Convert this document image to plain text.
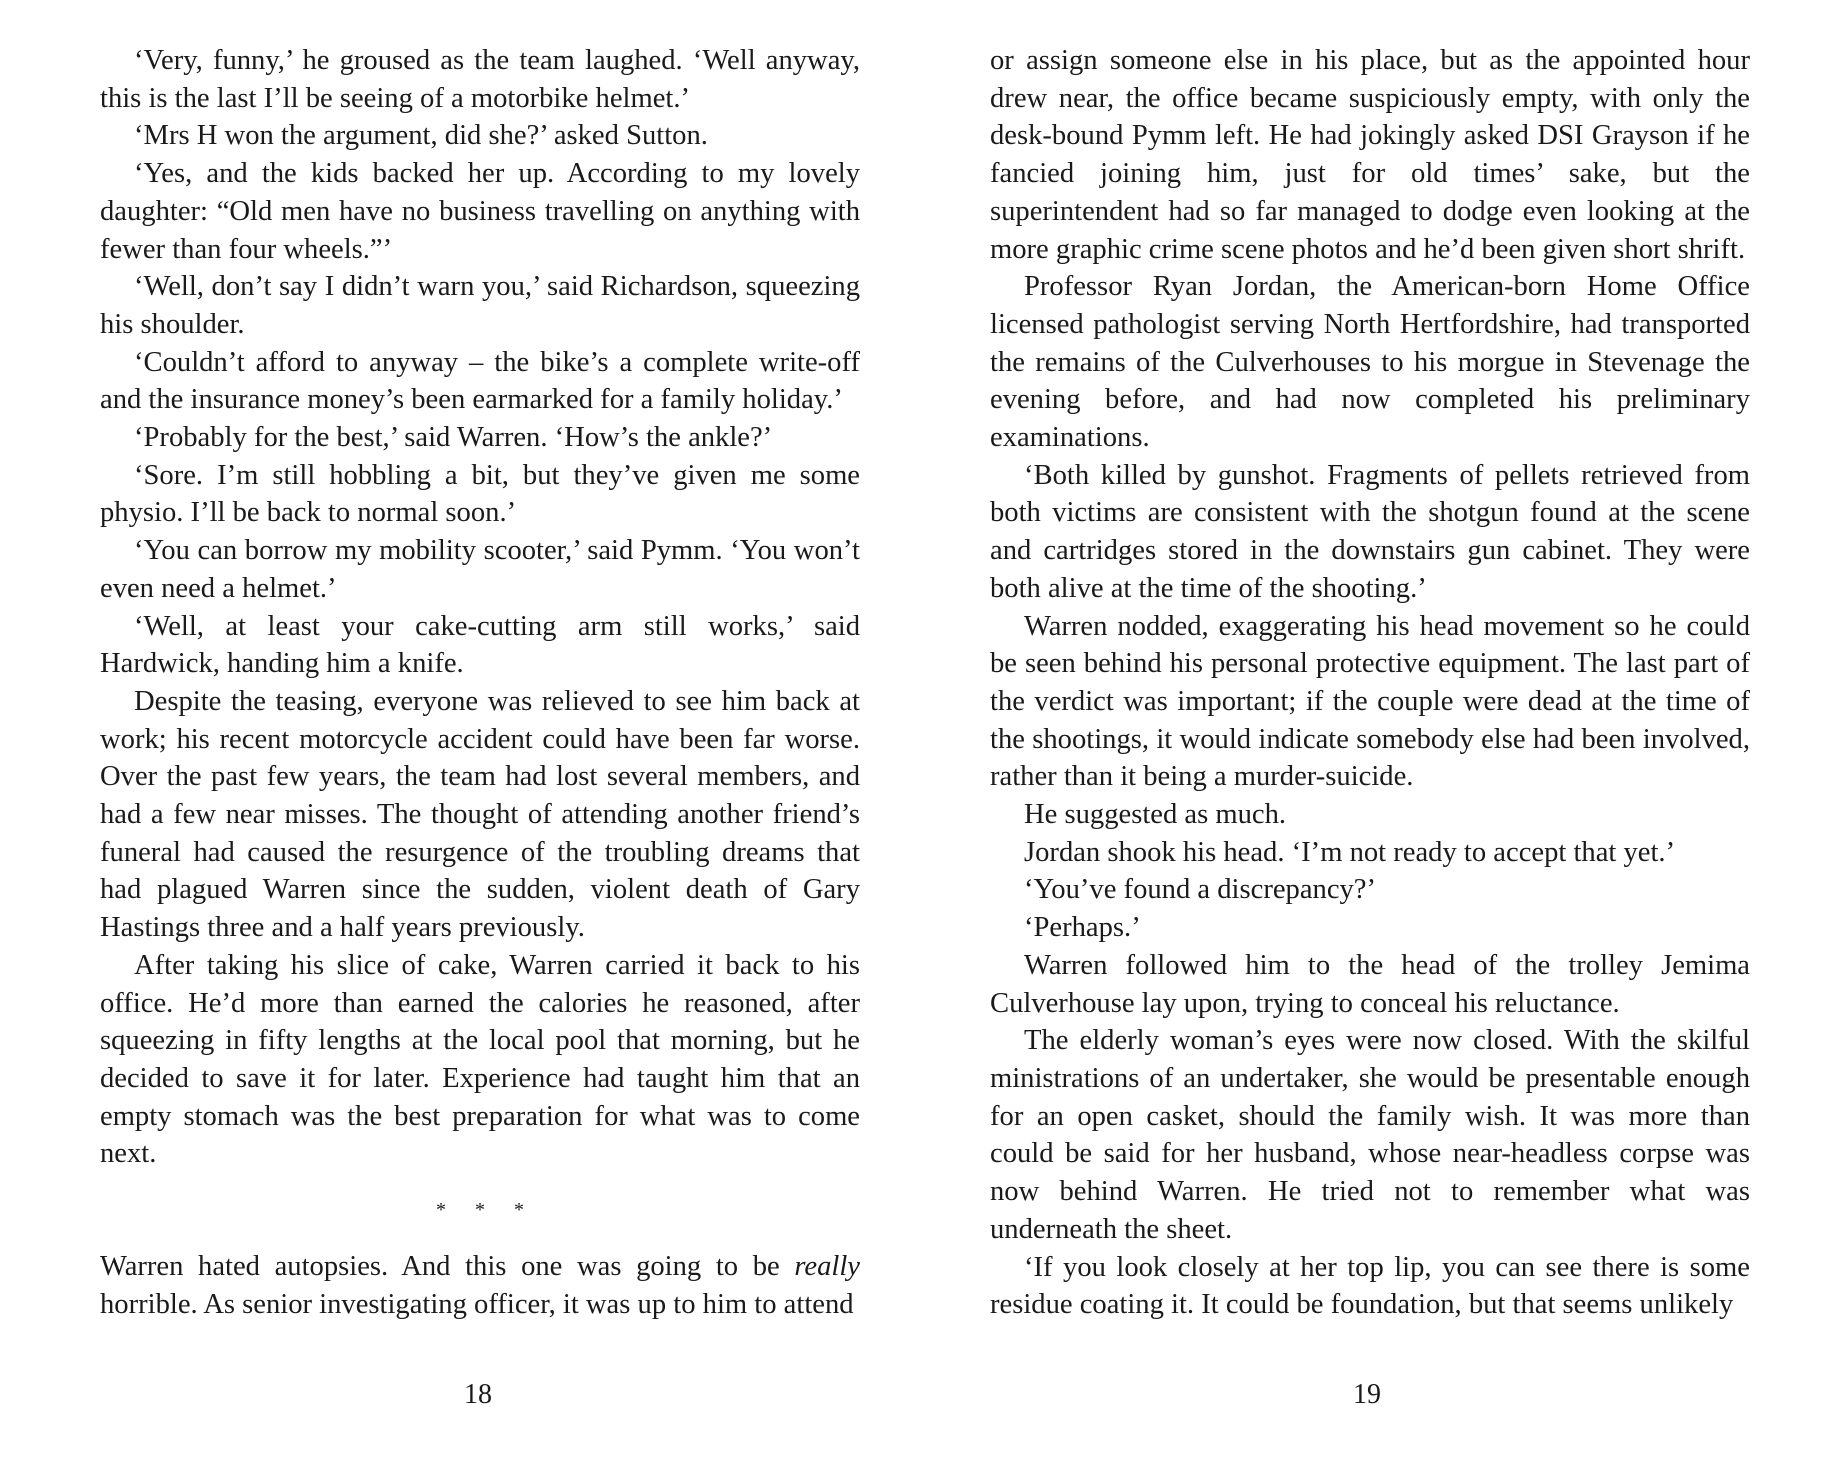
‘Very, funny,’ he groused as the team laughed. ‘Well anyway, this is the last I’ll be seeing of a motorbike helmet.’

‘Mrs H won the argument, did she?’ asked Sutton.

‘Yes, and the kids backed her up. According to my lovely daughter: “Old men have no business travelling on anything with fewer than four wheels.”’

‘Well, don’t say I didn’t warn you,’ said Richardson, squeezing his shoulder.

‘Couldn’t afford to anyway – the bike’s a complete write-off and the insurance money’s been earmarked for a family holiday.’

‘Probably for the best,’ said Warren. ‘How’s the ankle?’

‘Sore. I’m still hobbling a bit, but they’ve given me some physio. I’ll be back to normal soon.’

‘You can borrow my mobility scooter,’ said Pymm. ‘You won’t even need a helmet.’

‘Well, at least your cake-cutting arm still works,’ said Hardwick, handing him a knife.

Despite the teasing, everyone was relieved to see him back at work; his recent motorcycle accident could have been far worse. Over the past few years, the team had lost several members, and had a few near misses. The thought of attending another friend’s funeral had caused the resurgence of the troubling dreams that had plagued Warren since the sudden, violent death of Gary Hastings three and a half years previously.

After taking his slice of cake, Warren carried it back to his office. He’d more than earned the calories he reasoned, after squeezing in fifty lengths at the local pool that morning, but he decided to save it for later. Experience had taught him that an empty stomach was the best preparation for what was to come next.

* * *

Warren hated autopsies. And this one was going to be really horrible. As senior investigating officer, it was up to him to attend

or assign someone else in his place, but as the appointed hour drew near, the office became suspiciously empty, with only the desk-bound Pymm left. He had jokingly asked DSI Grayson if he fancied joining him, just for old times’ sake, but the superintendent had so far managed to dodge even looking at the more graphic crime scene photos and he’d been given short shrift.

Professor Ryan Jordan, the American-born Home Office licensed pathologist serving North Hertfordshire, had transported the remains of the Culverhouses to his morgue in Stevenage the evening before, and had now completed his preliminary examinations.

‘Both killed by gunshot. Fragments of pellets retrieved from both victims are consistent with the shotgun found at the scene and cartridges stored in the downstairs gun cabinet. They were both alive at the time of the shooting.’

Warren nodded, exaggerating his head movement so he could be seen behind his personal protective equipment. The last part of the verdict was important; if the couple were dead at the time of the shootings, it would indicate somebody else had been involved, rather than it being a murder-suicide.

He suggested as much.

Jordan shook his head. ‘I’m not ready to accept that yet.’

‘You’ve found a discrepancy?’

‘Perhaps.’

Warren followed him to the head of the trolley Jemima Culverhouse lay upon, trying to conceal his reluctance.

The elderly woman’s eyes were now closed. With the skilful ministrations of an undertaker, she would be presentable enough for an open casket, should the family wish. It was more than could be said for her husband, whose near-headless corpse was now behind Warren. He tried not to remember what was underneath the sheet.

‘If you look closely at her top lip, you can see there is some residue coating it. It could be foundation, but that seems unlikely

18	19
